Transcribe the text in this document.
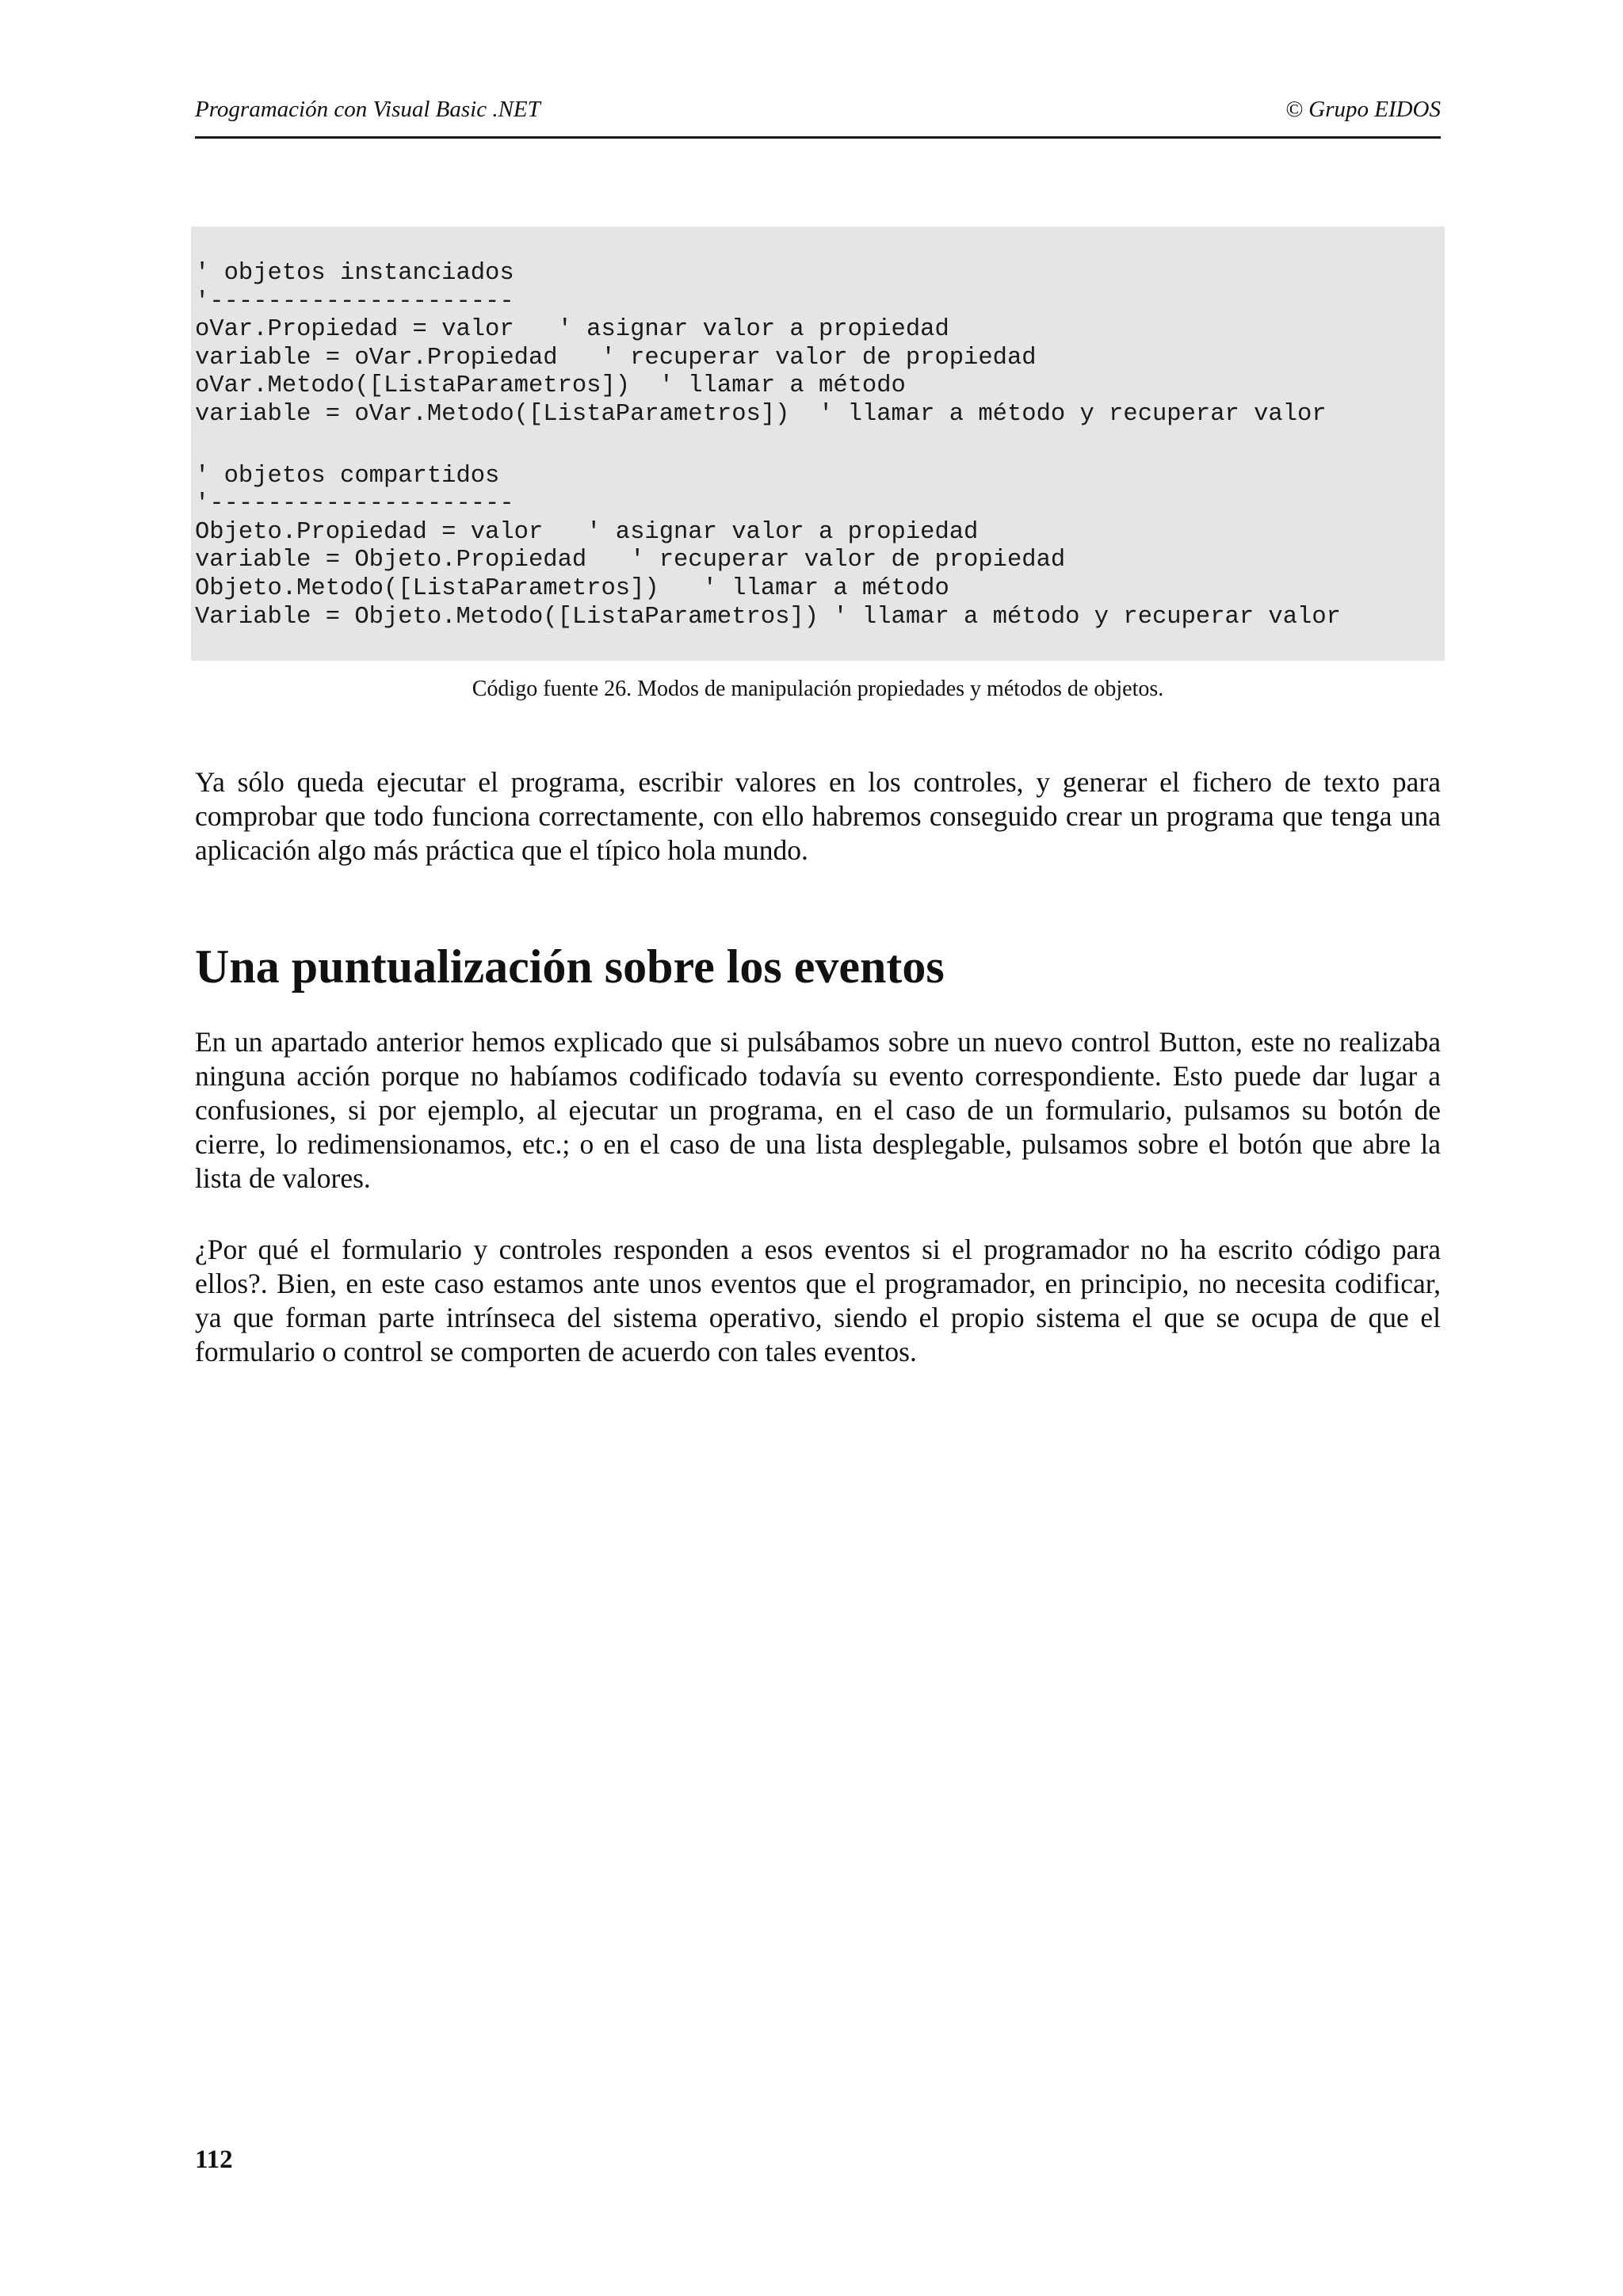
Programación con Visual Basic .NET	© Grupo EIDOS
' objetos instanciados
'---------------------
oVar.Propiedad = valor   ' asignar valor a propiedad
variable = oVar.Propiedad   ' recuperar valor de propiedad
oVar.Metodo([ListaParametros])  ' llamar a método
variable = oVar.Metodo([ListaParametros])  ' llamar a método y recuperar valor
' objetos compartidos
'---------------------
Objeto.Propiedad = valor   ' asignar valor a propiedad
variable = Objeto.Propiedad   ' recuperar valor de propiedad
Objeto.Metodo([ListaParametros])   ' llamar a método
Variable = Objeto.Metodo([ListaParametros]) ' llamar a método y recuperar valor
Código fuente 26. Modos de manipulación propiedades y métodos de objetos.

Ya sólo queda ejecutar el programa, escribir valores en los controles, y generar el fichero de texto para comprobar que todo funciona correctamente, con ello habremos conseguido crear un programa que tenga una aplicación algo más práctica que el típico hola mundo.

Una puntualización sobre los eventos

En un apartado anterior hemos explicado que si pulsábamos sobre un nuevo control Button, este no realizaba ninguna acción porque no habíamos codificado todavía su evento correspondiente. Esto puede dar lugar a confusiones, si por ejemplo, al ejecutar un programa, en el caso de un formulario, pulsamos su botón de cierre, lo redimensionamos, etc.; o en el caso de una lista desplegable, pulsamos sobre el botón que abre la lista de valores.

¿Por qué el formulario y controles responden a esos eventos si el programador no ha escrito código para ellos?. Bien, en este caso estamos ante unos eventos que el programador, en principio, no necesita codificar, ya que forman parte intrínseca del sistema operativo, siendo el propio sistema el que se ocupa de que el formulario o control se comporten de acuerdo con tales eventos.

112
